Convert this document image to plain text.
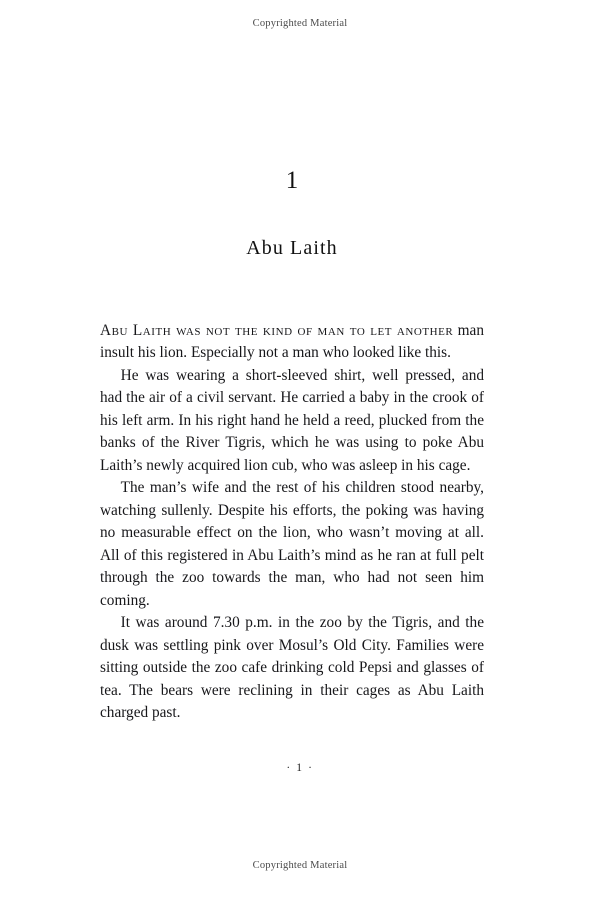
Copyrighted Material
1
Abu Laith

Abu Laith was not the kind of man to let another man insult his lion. Especially not a man who looked like this.

He was wearing a short-sleeved shirt, well pressed, and had the air of a civil servant. He carried a baby in the crook of his left arm. In his right hand he held a reed, plucked from the banks of the River Tigris, which he was using to poke Abu Laith’s newly acquired lion cub, who was asleep in his cage.

The man’s wife and the rest of his children stood nearby, watching sullenly. Despite his efforts, the poking was having no measurable effect on the lion, who wasn’t moving at all. All of this registered in Abu Laith’s mind as he ran at full pelt through the zoo towards the man, who had not seen him coming.

It was around 7.30 p.m. in the zoo by the Tigris, and the dusk was settling pink over Mosul’s Old City. Families were sitting outside the zoo cafe drinking cold Pepsi and glasses of tea. The bears were reclining in their cages as Abu Laith charged past.

· 1 ·
Copyrighted Material
